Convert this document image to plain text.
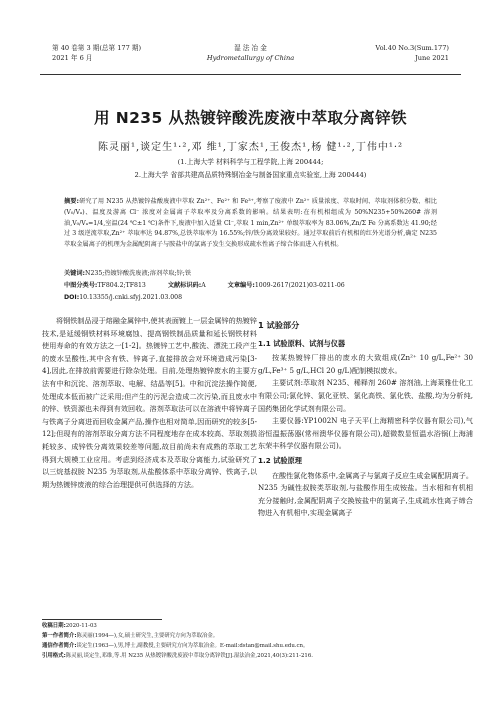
第 40 卷第 3 期(总第 177 期)
2021 年 6 月
湿 法 冶 金
Hydrometallurgy of China
Vol.40 No.3(Sum.177)
June 2021
用 N235 从热镀锌酸洗废液中萃取分离锌铁
陈灵丽¹,谈定生¹·²,邓 维¹,丁家杰¹,王俊杰¹,杨 健¹·²,丁伟中¹·²
(1.上海大学 材料科学与工程学院,上海 200444;
2.上海大学 省部共建高品质特殊钢冶金与制备国家重点实验室,上海 200444)
摘要:研究了用 N235 从热镀锌盐酸废液中萃取 Zn²⁺、Fe²⁺ 和 Fe³⁺,考察了废液中 Zn²⁺ 质量浓度、萃取时间、萃取剂体积分数、相比(V₀/Vₐ)、温度及游离 Cl⁻ 浓度对金属离子萃取率及分离系数的影响。结果表明:在有机相组成为 50%N235+50%260# 溶剂油,V₀/Vₐ=1/4,室温(24 ℃±1 ℃)条件下,废液中加入适量 Cl⁻,萃取 1 min,Zn²⁺ 单级萃取率为 83.06%,Zn/Σ Fe 分离系数达 41.90;经过 3 级逆流萃取,Zn²⁺ 萃取率达 94.87%,总铁萃取率为 16.55%;锌/铁分离效果较好。通过萃取前后有机相的红外光谱分析,确定 N235 萃取金属离子的机理为金属配阴离子与胺盐中的氯离子发生交换形成疏水性离子缔合体而进入有机相。
关键词:N235;热镀锌酸洗废液;溶剂萃取;锌;铁
中图分类号:TF804.2;TF813	文献标识码:A	文章编号:1009-2617(2021)03-0211-06
DOI:10.13355/j.cnki.sfyj.2021.03.008

将钢铁制品浸于熔融金属锌中,使其表面镀上一层金属锌的热镀锌技术,是延缓钢铁材料环境腐蚀、提高钢铁制品质量和延长钢铁材料使用寿命的有效方法之一[1-2]。热镀锌工艺中,酸洗、漂洗工段产生的废水呈酸性,其中含有铁、锌离子,直接排放会对环境造成污染[3-4],因此,在排放前需要进行除杂处理。目前,处理热镀锌废水的主要方法有中和沉淀、溶剂萃取、电解、结晶等[5]。中和沉淀法操作简便,处理成本低而被广泛采用;但产生的污泥会造成二次污染,而且废水中的锌、铁资源也未得到有效回收。溶剂萃取法可以在溶液中将锌离子与铁离子分离进而回收金属产品,操作也相对简单,因而研究的较多[5-12];但现有的溶剂萃取分离方法不同程度地存在成本较高、萃取剂损耗较多、成锌铁分离效果较差等问题,故目前尚未有成熟的萃取工艺得到大规模工业应用。考虑到经济成本及萃取分离能力,试验研究了以三烷基叔胺 N235 为萃取剂,从盐酸体系中萃取分离锌、铁离子,以期为热镀锌废液的综合治理提供可供选择的方法。

1 试验部分
1.1 试验原料、试剂与仪器

按某热镀锌厂排出的废水的大致组成(Zn²⁺ 10 g/L,Fe²⁺ 30 g/L,Fe³⁺ 5 g/L,HCl 20 g/L)配制模拟废水。

主要试剂:萃取剂 N235、稀释剂 260# 溶剂油,上海莱雅仕化工有限公司;氯化锌、氯化亚铁、氯化高铁、氯化铁、盐酸,均为分析纯,国药集团化学试剂有限公司。

主要仪器:YP1002N 电子天平(上海精密科学仪器有限公司),气浴恒温振荡器(常州澳华仪器有限公司),超微数显恒温水浴锅(上海浦东荣丰科学仪器有限公司)。

1.2 试验原理

在酸性氯化物体系中,金属离子与氯离子反应生成金属配阴离子。N235 为碱性叔胺类萃取剂,与盐酸作用生成铵盐。当水相和有机相充分接触时,金属配阴离子交换铵盐中的氯离子,生成疏水性离子缔合物进入有机相中,实现金属离子

收稿日期:2020-11-03
第一作者简介:陈灵丽(1994—),女,硕士研究生,主要研究方向为萃取冶金。
通信作者简介:谈定生(1963—),男,博士,副教授,主要研究方向为萃取冶金。E-mail:dstan@mail.shu.edu.cn。
引用格式:陈灵丽,谈定生,邓维,等.用 N235 从热镀锌酸洗废液中萃取分离锌铁[J].湿法冶金,2021,40(3):211-216.
